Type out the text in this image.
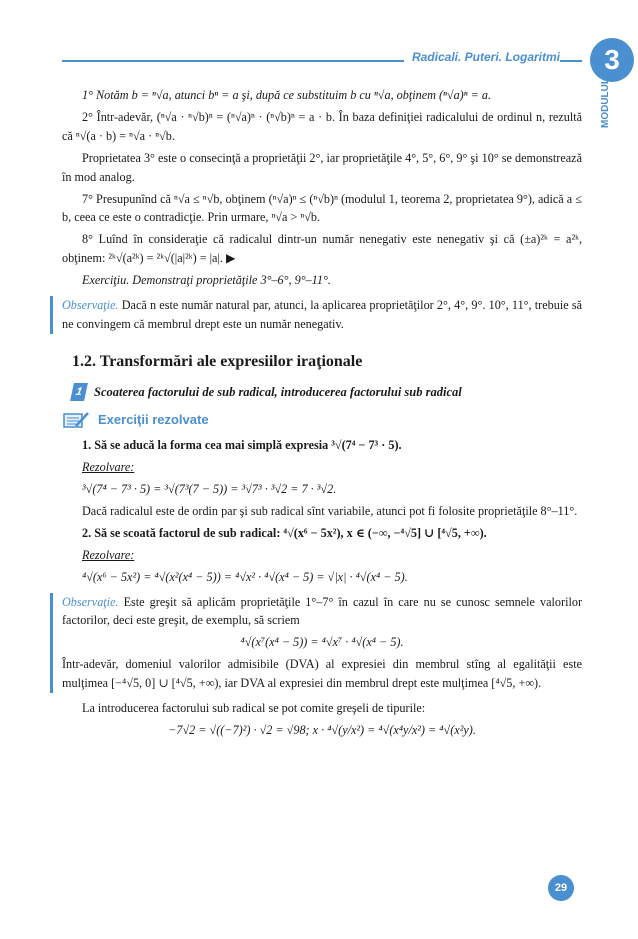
Radicali. Puteri. Logaritmi	3
MODULUL

1° Notăm b = ⁿ√a, atunci bⁿ = a şi, după ce substituim b cu ⁿ√a, obţinem (ⁿ√a)ⁿ = a.

2° Într-adevăr, (ⁿ√a · ⁿ√b)ⁿ = (ⁿ√a)ⁿ · (ⁿ√b)ⁿ = a · b. În baza definiţiei radicalului de ordinul n, rezultă că ⁿ√(a · b) = ⁿ√a · ⁿ√b.

Proprietatea 3° este o consecinţă a proprietăţii 2°, iar proprietăţile 4°, 5°, 6°, 9° şi 10° se demonstrează în mod analog.

7° Presupunînd că ⁿ√a ≤ ⁿ√b, obţinem (ⁿ√a)ⁿ ≤ (ⁿ√b)ⁿ (modulul 1, teorema 2, proprietatea 9°), adică a ≤ b, ceea ce este o contradicţie. Prin urmare, ⁿ√a > ⁿ√b.

8° Luînd în consideraţie că radicalul dintr-un număr nenegativ este nenegativ şi că (±a)²ᵏ = a²ᵏ, obţinem: ²ᵏ√(a²ᵏ) = ²ᵏ√(|a|²ᵏ) = |a|. ▶

Exerciţiu. Demonstraţi proprietăţile 3°–6°, 9°–11°.

Observaţie. Dacă n este număr natural par, atunci, la aplicarea proprietăţilor 2°, 4°, 9°. 10°, 11°, trebuie să ne convingem că membrul drept este un număr nenegativ.

1.2. Transformări ale expresiilor iraţionale
1 Scoaterea factorului de sub radical, introducerea factorului sub radical
Exerciţii rezolvate

1. Să se aducă la forma cea mai simplă expresia ³√(7⁴ − 7³ · 5).

Rezolvare:

³√(7⁴ − 7³ · 5) = ³√(7³(7 − 5)) = ³√7³ · ³√2 = 7 · ³√2.

Dacă radicalul este de ordin par şi sub radical sînt variabile, atunci pot fi folosite proprietăţile 8°–11°.

2. Să se scoată factorul de sub radical: ⁴√(x⁶ − 5x²), x ∈ (−∞, −⁴√5] ∪ [⁴√5, +∞).

Rezolvare:

⁴√(x⁶ − 5x²) = ⁴√(x²(x⁴ − 5)) = ⁴√x² · ⁴√(x⁴ − 5) = √|x| · ⁴√(x⁴ − 5).

Observaţie. Este greşit să aplicăm proprietăţile 1°–7° în cazul în care nu se cunosc semnele valorilor factorilor, deci este greşit, de exemplu, să scriem

⁴√(x⁷(x⁴ − 5)) = ⁴√x⁷ · ⁴√(x⁴ − 5).

Într-adevăr, domeniul valorilor admisibile (DVA) al expresiei din membrul stîng al egalităţii este mulţimea [−⁴√5, 0] ∪ [⁴√5, +∞), iar DVA al expresiei din membrul drept este mulţimea [⁴√5, +∞).

La introducerea factorului sub radical se pot comite greşeli de tipurile:

−7√2 = √((−7)²) · √2 = √98; x · ⁴√(y/x²) = ⁴√(x⁴y/x²) = ⁴√(x²y).

29
